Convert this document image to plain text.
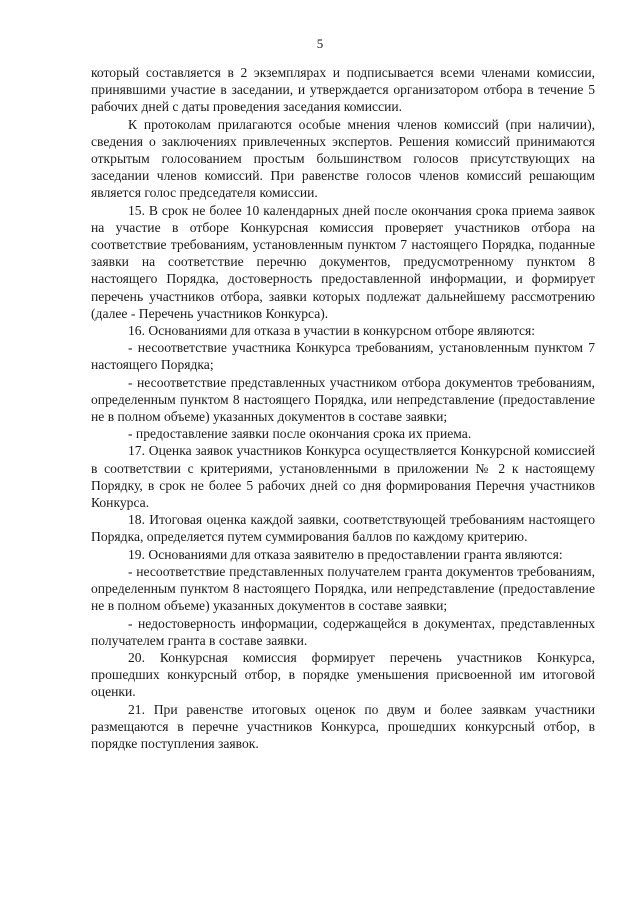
5

который составляется в 2 экземплярах и подписывается всеми членами комиссии, принявшими участие в заседании, и утверждается организатором отбора в течение 5 рабочих дней с даты проведения заседания комиссии.

К протоколам прилагаются особые мнения членов комиссий (при наличии), сведения о заключениях привлеченных экспертов. Решения комиссий принимаются открытым голосованием простым большинством голосов присутствующих на заседании членов комиссий. При равенстве голосов членов комиссий решающим является голос председателя комиссии.

15. В срок не более 10 календарных дней после окончания срока приема заявок на участие в отборе Конкурсная комиссия проверяет участников отбора на соответствие требованиям, установленным пунктом 7 настоящего Порядка, поданные заявки на соответствие перечню документов, предусмотренному пунктом 8 настоящего Порядка, достоверность предоставленной информации, и формирует перечень участников отбора, заявки которых подлежат дальнейшему рассмотрению (далее - Перечень участников Конкурса).

16. Основаниями для отказа в участии в конкурсном отборе являются:

- несоответствие участника Конкурса требованиям, установленным пунктом 7 настоящего Порядка;

- несоответствие представленных участником отбора документов требованиям, определенным пунктом 8 настоящего Порядка, или непредставление (предоставление не в полном объеме) указанных документов в составе заявки;

- предоставление заявки после окончания срока их приема.

17. Оценка заявок участников Конкурса осуществляется Конкурсной комиссией в соответствии с критериями, установленными в приложении № 2 к настоящему Порядку, в срок не более 5 рабочих дней со дня формирования Перечня участников Конкурса.

18. Итоговая оценка каждой заявки, соответствующей требованиям настоящего Порядка, определяется путем суммирования баллов по каждому критерию.

19. Основаниями для отказа заявителю в предоставлении гранта являются:

- несоответствие представленных получателем гранта документов требованиям, определенным пунктом 8 настоящего Порядка, или непредставление (предоставление не в полном объеме) указанных документов в составе заявки;

- недостоверность информации, содержащейся в документах, представленных получателем гранта в составе заявки.

20. Конкурсная комиссия формирует перечень участников Конкурса, прошедших конкурсный отбор, в порядке уменьшения присвоенной им итоговой оценки.

21. При равенстве итоговых оценок по двум и более заявкам участники размещаются в перечне участников Конкурса, прошедших конкурсный отбор, в порядке поступления заявок.
